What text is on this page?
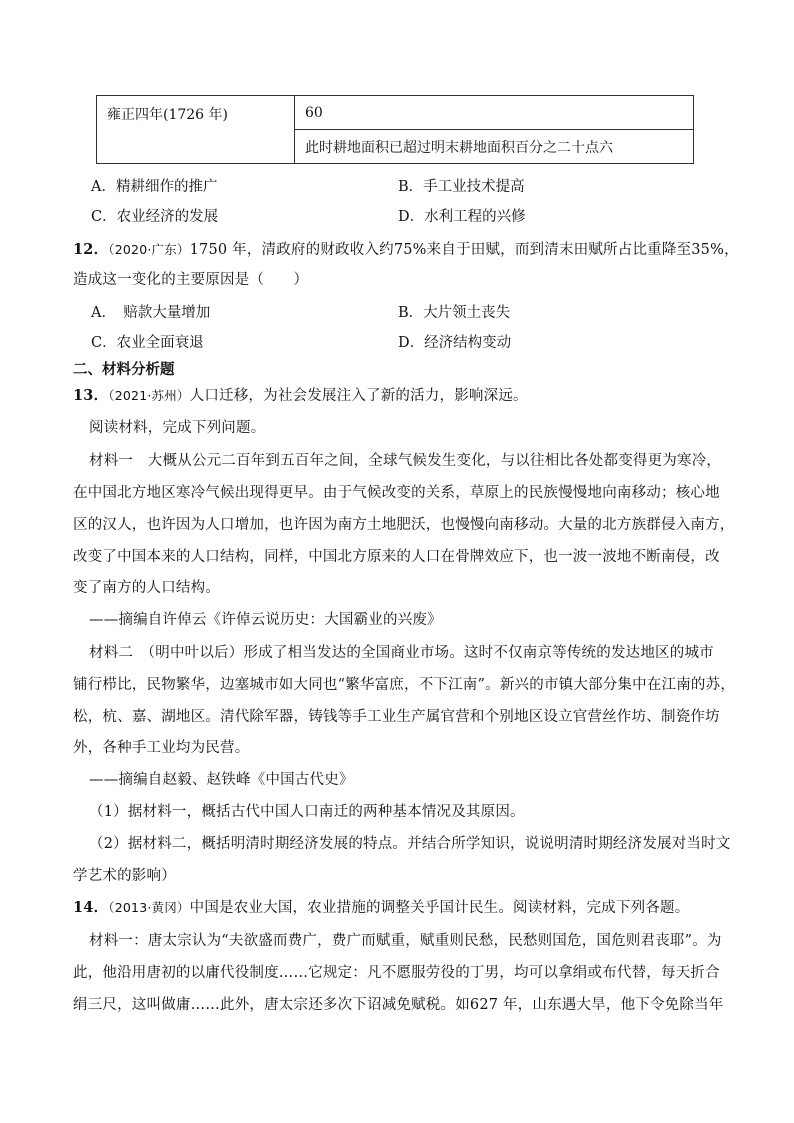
雍正四年(1726 年)	60
此时耕地面积已超过明末耕地面积百分之二十点六
A．精耕细作的推广	B．手工业技术提高
C．农业经济的发展	D．水利工程的兴修
12．（2020·广东）1750 年，清政府的财政收入约75%来自于田赋，而到清末田赋所占比重降至35%，
造成这一变化的主要原因是（　　）
A．　赔款大量增加	B．大片领土丧失
C．农业全面衰退	D．经济结构变动
二、材料分析题
13．（2021·苏州）人口迁移，为社会发展注入了新的活力，影响深远。
阅读材料，完成下列问题。
材料一　大概从公元二百年到五百年之间，全球气候发生变化，与以往相比各处都变得更为寒冷，
在中国北方地区寒冷气候出现得更早。由于气候改变的关系，草原上的民族慢慢地向南移动；核心地
区的汉人，也许因为人口增加，也许因为南方土地肥沃，也慢慢向南移动。大量的北方族群侵入南方，
改变了中国本来的人口结构，同样，中国北方原来的人口在骨牌效应下，也一波一波地不断南侵，改
变了南方的人口结构。
——摘编自许倬云《许倬云说历史：大国霸业的兴废》
材料二　（明中叶以后）形成了相当发达的全国商业市场。这时不仅南京等传统的发达地区的城市
铺行栉比，民物繁华，边塞城市如大同也“繁华富庶，不下江南”。新兴的市镇大部分集中在江南的苏，
松，杭、嘉、湖地区。清代除军器，铸钱等手工业生产属官营和个别地区设立官营丝作坊、制瓷作坊
外，各种手工业均为民营。
——摘编自赵毅、赵铁峰《中国古代史》
（1）据材料一，概括古代中国人口南迁的两种基本情况及其原因。
（2）据材料二，概括明清时期经济发展的特点。并结合所学知识，说说明清时期经济发展对当时文
学艺术的影响）
14．（2013·黄冈）中国是农业大国，农业措施的调整关乎国计民生。阅读材料，完成下列各题。
材料一：唐太宗认为“夫欲盛而费广，费广而赋重，赋重则民愁，民愁则国危，国危则君丧耶”。为
此，他沿用唐初的以庸代役制度……它规定：凡不愿服劳役的丁男，均可以拿绢或布代替，每天折合
绢三尺，这叫做庸……此外，唐太宗还多次下诏减免赋税。如627 年，山东遇大旱，他下令免除当年
